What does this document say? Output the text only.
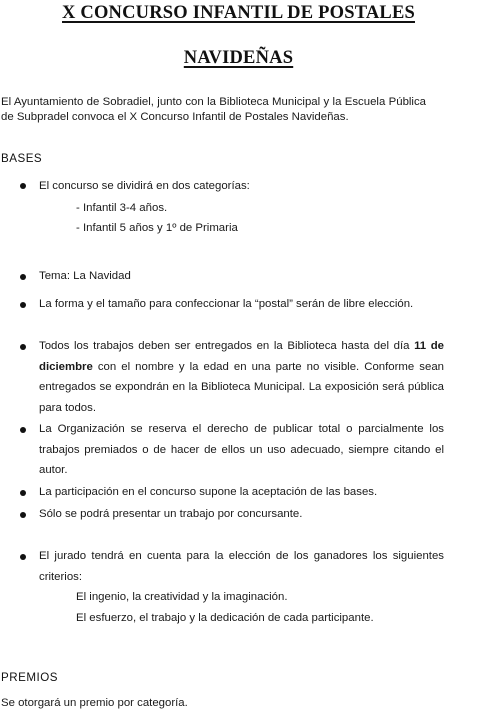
X CONCURSO INFANTIL DE POSTALES
NAVIDEÑAS
El Ayuntamiento de Sobradiel, junto con la Biblioteca Municipal y la Escuela Pública de Subpradel convoca el X Concurso Infantil de Postales Navideñas.
BASES
El concurso se dividirá en dos categorías:
- Infantil 3-4 años.
- Infantil 5 años y 1º de Primaria
Tema: La Navidad
La forma y el tamaño para confeccionar la “postal” serán de libre elección.
Todos los trabajos deben ser entregados en la Biblioteca hasta del día 11 de diciembre con el nombre y la edad en una parte no visible. Conforme sean entregados se expondrán en la Biblioteca Municipal. La exposición será pública para todos.
La Organización se reserva el derecho de publicar total o parcialmente los trabajos premiados o de hacer de ellos un uso adecuado, siempre citando el autor.
La participación en el concurso supone la aceptación de las bases.
Sólo se podrá presentar un trabajo por concursante.
El jurado tendrá en cuenta para la elección de los ganadores los siguientes criterios:
El ingenio, la creatividad y la imaginación.
El esfuerzo, el trabajo y la dedicación de cada participante.
PREMIOS
Se otorgará un premio por categoría.
